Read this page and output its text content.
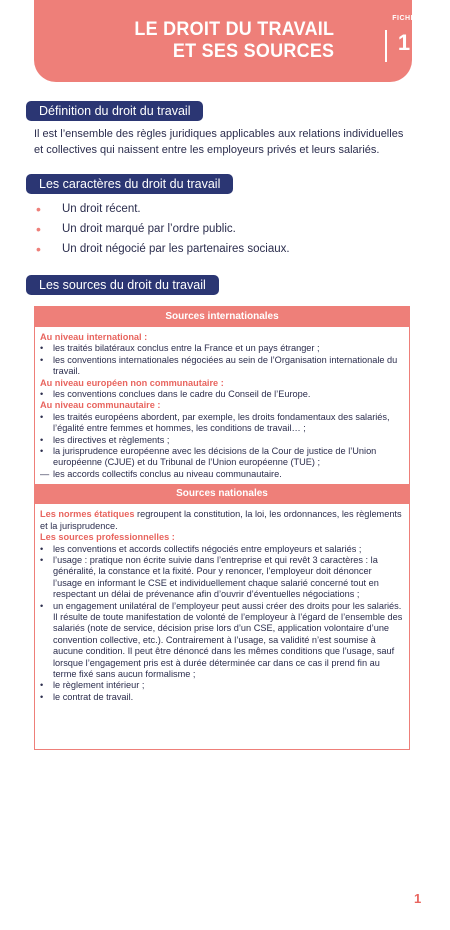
LE DROIT DU TRAVAIL
ET SES SOURCES
FICHE
1
Définition du droit du travail
Il est l’ensemble des règles juridiques applicables aux relations individuelles et collectives qui naissent entre les employeurs privés et leurs salariés.
Les caractères du droit du travail
• Un droit récent.
• Un droit marqué par l’ordre public.
• Un droit négocié par les partenaires sociaux.
Les sources du droit du travail
Sources internationales
Au niveau international :
• les traités bilatéraux conclus entre la France et un pays étranger ;
• les conventions internationales négociées au sein de l’Organisation internationale du travail.
Au niveau européen non communautaire :
• les conventions conclues dans le cadre du Conseil de l’Europe.
Au niveau communautaire :
• les traités européens abordent, par exemple, les droits fondamentaux des salariés, l’égalité entre femmes et hommes, les conditions de travail… ;
• les directives et règlements ;
• la jurisprudence européenne avec les décisions de la Cour de justice de l’Union européenne (CJUE) et du Tribunal de l’Union européenne (TUE) ;
— les accords collectifs conclus au niveau communautaire.
Sources nationales
Les normes étatiques regroupent la constitution, la loi, les ordonnances, les règlements et la jurisprudence.
Les sources professionnelles :
• les conventions et accords collectifs négociés entre employeurs et salariés ;
• l’usage : pratique non écrite suivie dans l’entreprise et qui revêt 3 caractères : la généralité, la constance et la fixité. Pour y renoncer, l’employeur doit dénoncer l’usage en informant le CSE et individuellement chaque salarié concerné tout en respectant un délai de prévenance afin d’ouvrir d’éventuelles négociations ;
• un engagement unilatéral de l’employeur peut aussi créer des droits pour les salariés. Il résulte de toute manifestation de volonté de l’employeur à l’égard de l’ensemble des salariés (note de service, décision prise lors d’un CSE, application volontaire d’une convention collective, etc.). Contrairement à l’usage, sa validité n’est soumise à aucune condition. Il peut être dénoncé dans les mêmes conditions que l’usage, sauf lorsque l’engagement pris est à durée déterminée car dans ce cas il prend fin au terme fixé sans aucun formalisme ;
• le règlement intérieur ;
• le contrat de travail.
1
